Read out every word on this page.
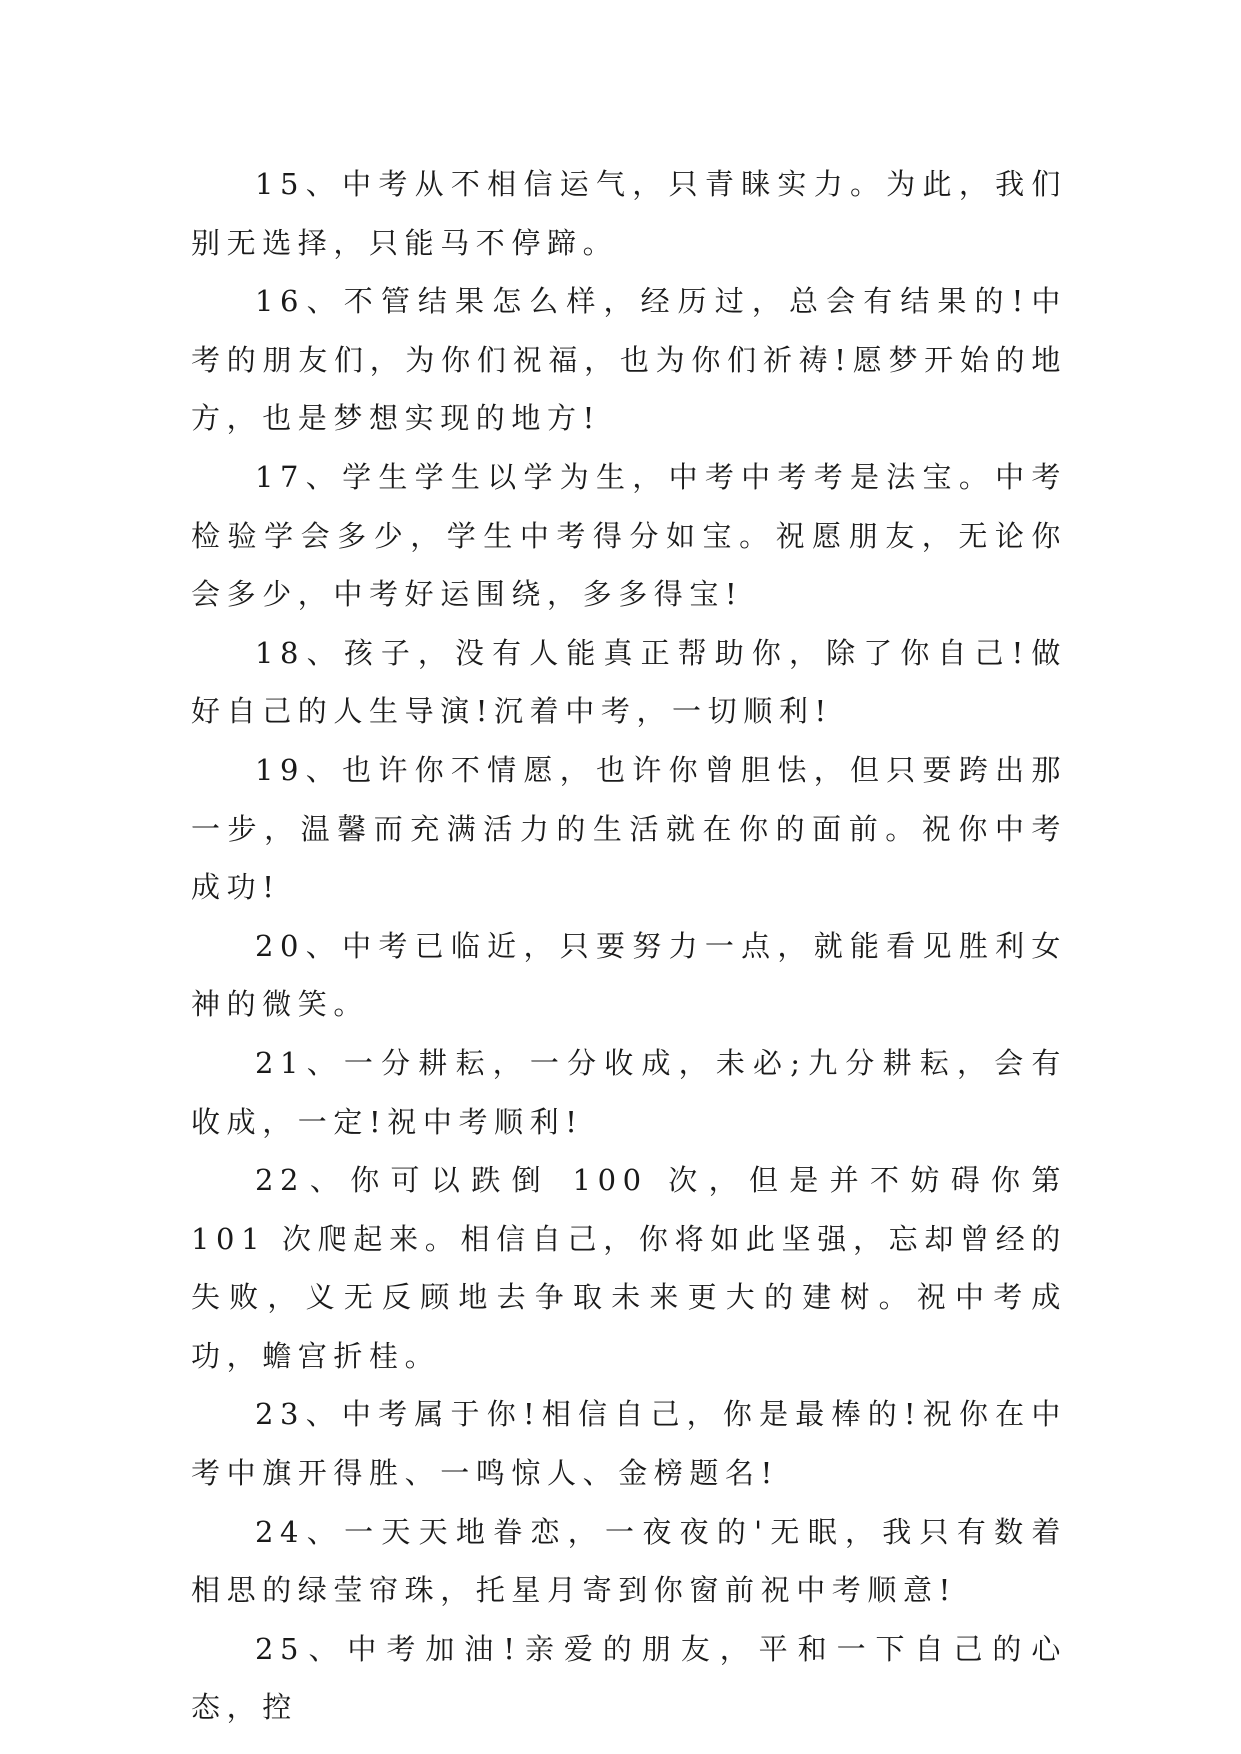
15、中考从不相信运气，只青睐实力。为此，我们别无选择，只能马不停蹄。

16、不管结果怎么样，经历过，总会有结果的!中考的朋友们，为你们祝福，也为你们祈祷!愿梦开始的地方，也是梦想实现的地方!

17、学生学生以学为生，中考中考考是法宝。中考检验学会多少，学生中考得分如宝。祝愿朋友，无论你会多少，中考好运围绕，多多得宝!

18、孩子，没有人能真正帮助你，除了你自己!做好自己的人生导演!沉着中考，一切顺利!

19、也许你不情愿，也许你曾胆怯，但只要跨出那一步，温馨而充满活力的生活就在你的面前。祝你中考成功!

20、中考已临近，只要努力一点，就能看见胜利女神的微笑。

21、一分耕耘，一分收成，未必;九分耕耘，会有收成，一定!祝中考顺利!

22、你可以跌倒 100 次，但是并不妨碍你第 101 次爬起来。相信自己，你将如此坚强，忘却曾经的失败，义无反顾地去争取未来更大的建树。祝中考成功，蟾宫折桂。

23、中考属于你!相信自己，你是最棒的!祝你在中考中旗开得胜、一鸣惊人、金榜题名!

24、一天天地眷恋，一夜夜的'无眠，我只有数着相思的绿莹帘珠，托星月寄到你窗前祝中考顺意!

25、中考加油!亲爱的朋友，平和一下自己的心态，控
